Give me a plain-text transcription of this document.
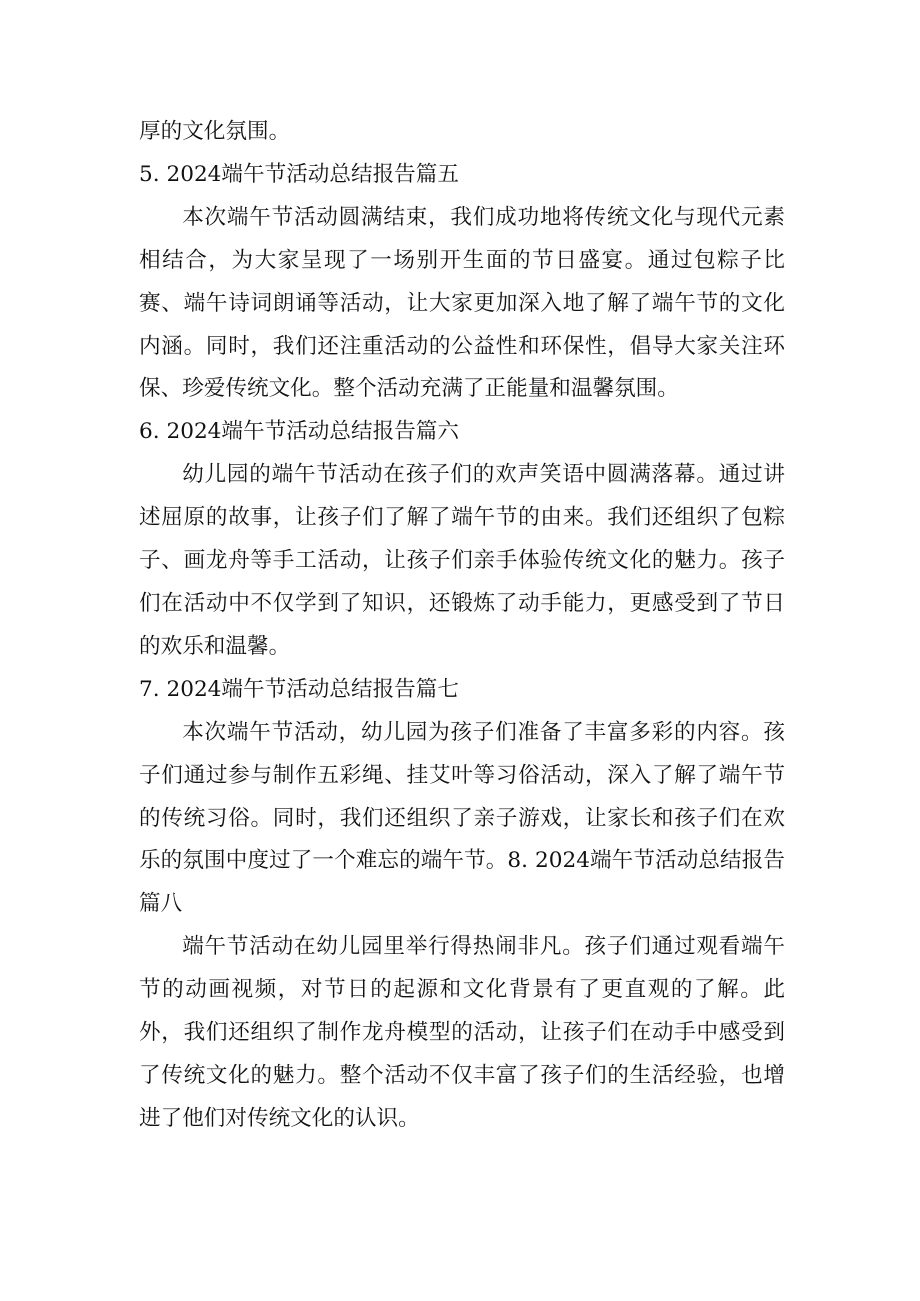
厚的文化氛围。

5. 2024端午节活动总结报告篇五

本次端午节活动圆满结束，我们成功地将传统文化与现代元素相结合，为大家呈现了一场别开生面的节日盛宴。通过包粽子比赛、端午诗词朗诵等活动，让大家更加深入地了解了端午节的文化内涵。同时，我们还注重活动的公益性和环保性，倡导大家关注环保、珍爱传统文化。整个活动充满了正能量和温馨氛围。

6. 2024端午节活动总结报告篇六

幼儿园的端午节活动在孩子们的欢声笑语中圆满落幕。通过讲述屈原的故事，让孩子们了解了端午节的由来。我们还组织了包粽子、画龙舟等手工活动，让孩子们亲手体验传统文化的魅力。孩子们在活动中不仅学到了知识，还锻炼了动手能力，更感受到了节日的欢乐和温馨。

7. 2024端午节活动总结报告篇七

本次端午节活动，幼儿园为孩子们准备了丰富多彩的内容。孩子们通过参与制作五彩绳、挂艾叶等习俗活动，深入了解了端午节的传统习俗。同时，我们还组织了亲子游戏，让家长和孩子们在欢乐的氛围中度过了一个难忘的端午节。8. 2024端午节活动总结报告篇八

端午节活动在幼儿园里举行得热闹非凡。孩子们通过观看端午节的动画视频，对节日的起源和文化背景有了更直观的了解。此外，我们还组织了制作龙舟模型的活动，让孩子们在动手中感受到了传统文化的魅力。整个活动不仅丰富了孩子们的生活经验，也增进了他们对传统文化的认识。
